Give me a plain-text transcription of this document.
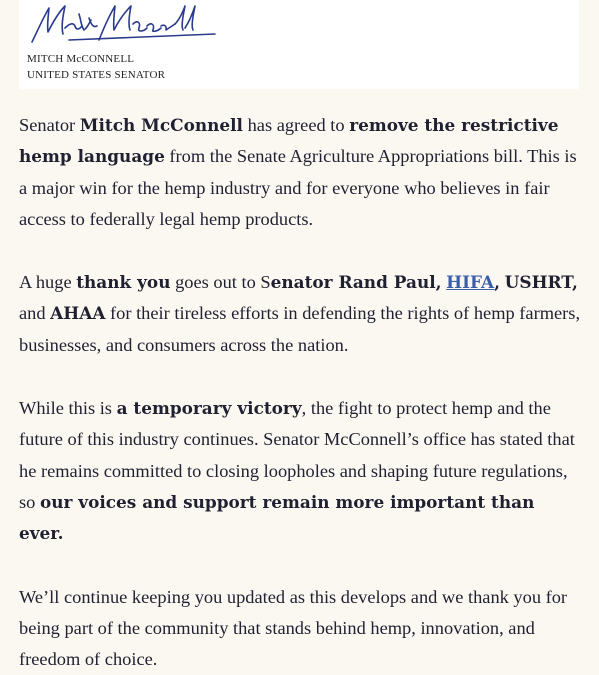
MITCH McCONNELL
UNITED STATES SENATOR

Senator Mitch McConnell has agreed to remove the restrictive hemp language from the Senate Agriculture Appropriations bill. This is a major win for the hemp industry and for everyone who believes in fair access to federally legal hemp products.

A huge thank you goes out to Senator Rand Paul, HIFA, USHRT, and AHAA for their tireless efforts in defending the rights of hemp farmers, businesses, and consumers across the nation.

While this is a temporary victory, the fight to protect hemp and the future of this industry continues. Senator McConnell’s office has stated that he remains committed to closing loopholes and shaping future regulations, so our voices and support remain more important than ever.

We’ll continue keeping you updated as this develops and we thank you for being part of the community that stands behind hemp, innovation, and freedom of choice.
